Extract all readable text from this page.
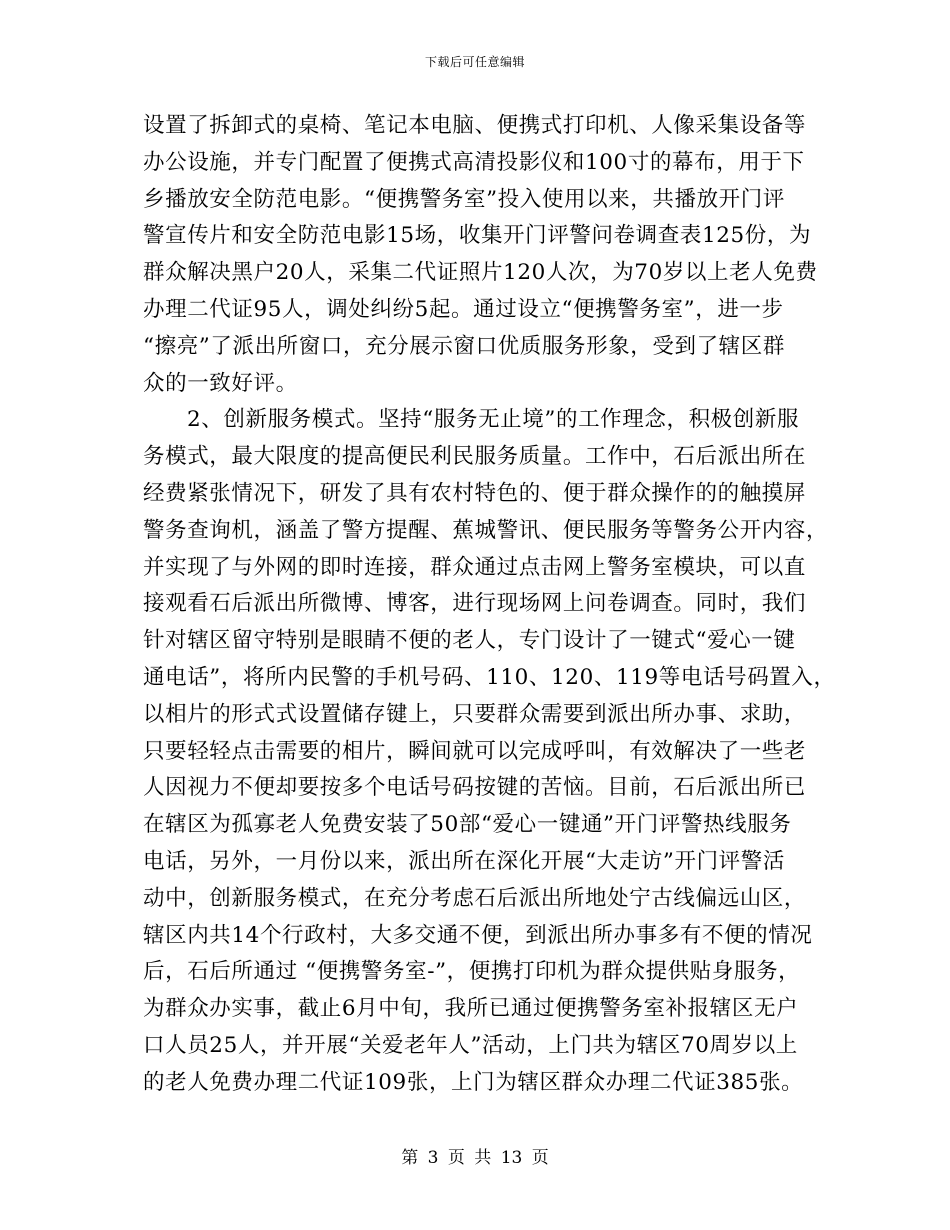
下载后可任意编辑
设置了拆卸式的桌椅、笔记本电脑、便携式打印机、人像采集设备等
办公设施，并专门配置了便携式高清投影仪和100寸的幕布，用于下
乡播放安全防范电影。“便携警务室”投入使用以来，共播放开门评
警宣传片和安全防范电影15场，收集开门评警问卷调查表125份，为
群众解决黑户20人，采集二代证照片120人次，为70岁以上老人免费
办理二代证95人，调处纠纷5起。通过设立“便携警务室”，进一步
“擦亮”了派出所窗口，充分展示窗口优质服务形象，受到了辖区群
众的一致好评。
2、创新服务模式。坚持“服务无止境”的工作理念，积极创新服
务模式，最大限度的提高便民利民服务质量。工作中，石后派出所在
经费紧张情况下，研发了具有农村特色的、便于群众操作的的触摸屏
警务查询机，涵盖了警方提醒、蕉城警讯、便民服务等警务公开内容，
并实现了与外网的即时连接，群众通过点击网上警务室模块，可以直
接观看石后派出所微博、博客，进行现场网上问卷调查。同时，我们
针对辖区留守特别是眼睛不便的老人，专门设计了一键式“爱心一键
通电话”，将所内民警的手机号码、110、120、119等电话号码置入，
以相片的形式式设置储存键上，只要群众需要到派出所办事、求助，
只要轻轻点击需要的相片，瞬间就可以完成呼叫，有效解决了一些老
人因视力不便却要按多个电话号码按键的苦恼。目前，石后派出所已
在辖区为孤寡老人免费安装了50部“爱心一键通”开门评警热线服务
电话，另外，一月份以来，派出所在深化开展“大走访”开门评警活
动中，创新服务模式，在充分考虑石后派出所地处宁古线偏远山区，
辖区内共14个行政村，大多交通不便，到派出所办事多有不便的情况
后，石后所通过 “便携警务室-”，便携打印机为群众提供贴身服务，
为群众办实事，截止6月中旬，我所已通过便携警务室补报辖区无户
口人员25人，并开展“关爱老年人”活动，上门共为辖区70周岁以上
的老人免费办理二代证109张，上门为辖区群众办理二代证385张。
第 3 页 共 13 页
